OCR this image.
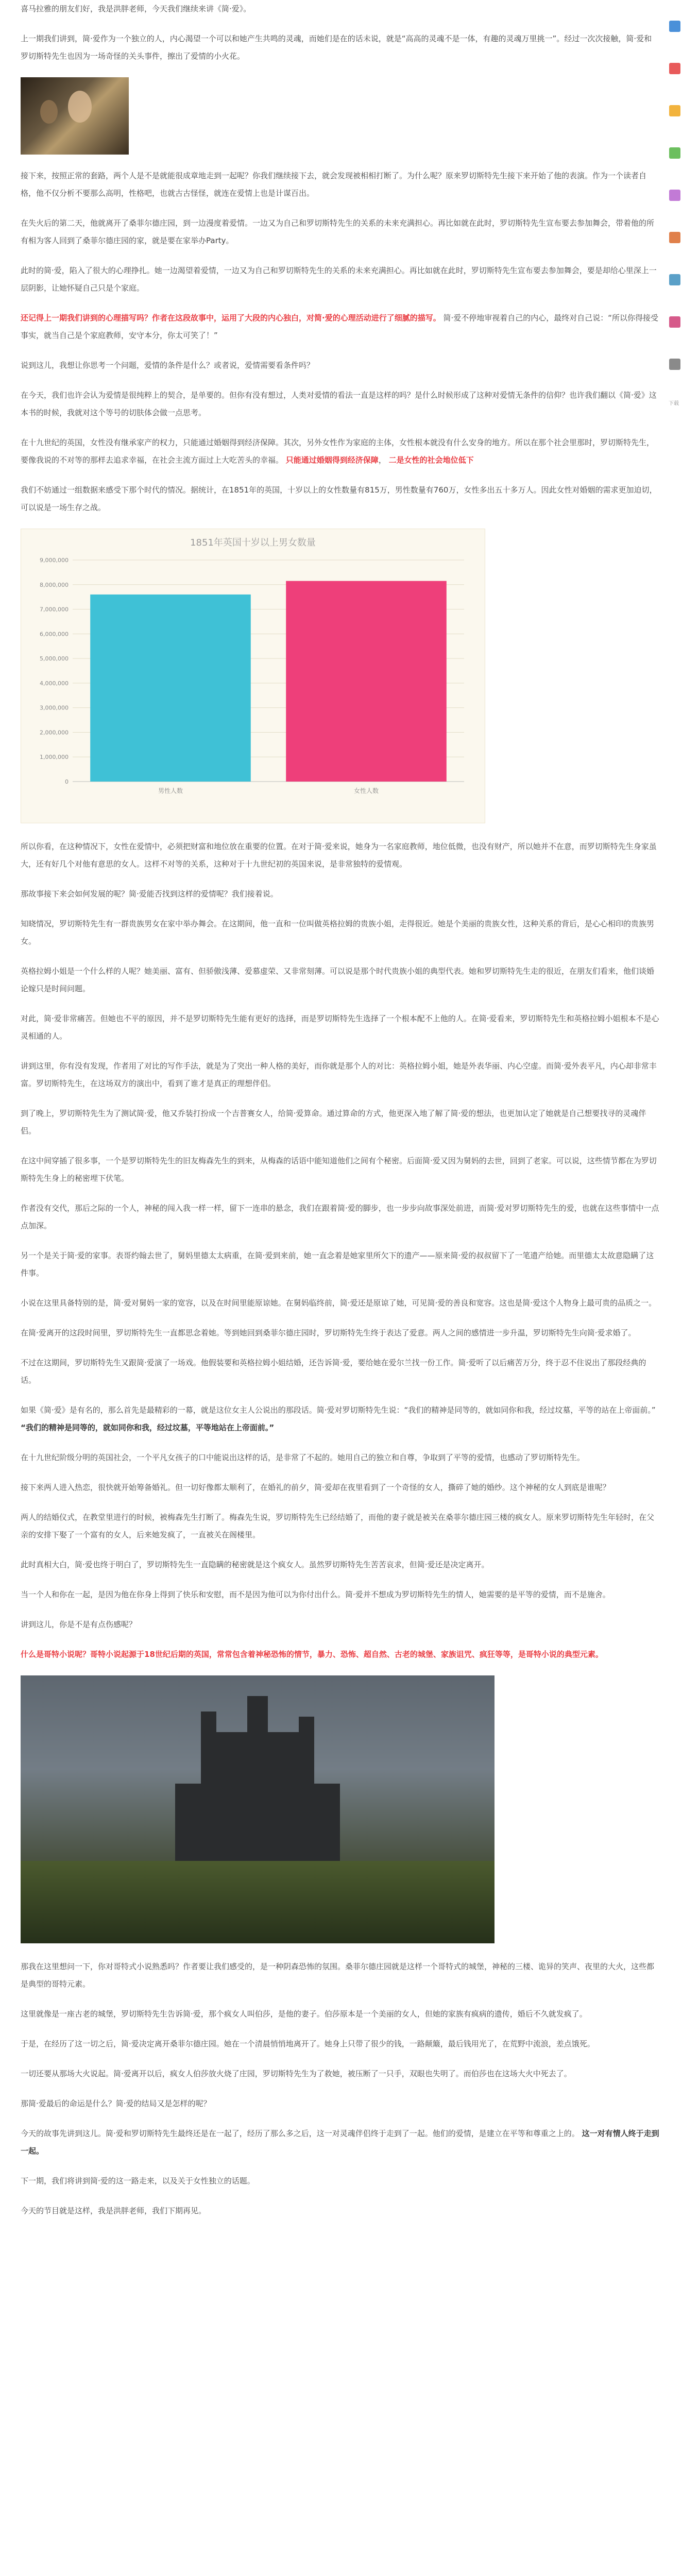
喜马拉雅的朋友们好，我是洪胖老师，今天我们继续来讲《简·爱》。

上一期我们讲到，简·爱作为一个独立的人，内心渴望一个可以和她产生共鸣的灵魂，而她们是在的话未说，就是“高高的灵魂不是一体，有趣的灵魂万里挑一”。经过一次次接触，简·爱和罗切斯特先生也因为一场奇怪的关头事件，擦出了爱情的小火花。

接下来，按照正常的套路，两个人是不是就能很成章地走到一起呢？你我们继续接下去，就会发现被相相打断了。为什么呢？原来罗切斯特先生接下来开始了他的表演。作为一个读者自格，他不仅分析不要那么高明，性格吧，也就古古怪怪，就连在爱情上也是计谋百出。

在失火后的第二天，他就离开了桑菲尔德庄园，到一边漫度着爱情。一边又为自己和罗切斯特先生的关系的未来充满担心。再比如就在此时，罗切斯特先生宣布要去参加舞会，带着他的所有相为客人回到了桑菲尔德庄园的家，就是要在家举办Party。

此时的简·爱，陷入了很大的心理挣扎。她一边渴望着爱情，一边又为自己和罗切斯特先生的关系的未来充满担心。再比如就在此时，罗切斯特先生宣布要去参加舞会，要是却给心里深上一层阴影，让她怀疑自己只是个家庭。

还记得上一期我们讲到的心理描写吗？作者在这段故事中，运用了大段的内心独白，对简·爱的心理活动进行了细腻的描写。 简·爱不停地审视着自己的内心，最终对自己说：“所以你得接受事实，就当自己是个家庭教师，安守本分，你太可笑了！”

说到这儿，我想让你思考一个问题，爱情的条件是什么？或者说，爱情需要看条件吗？

在今天，我们也许会认为爱情是很纯粹上的契合，是单要的。但你有没有想过，人类对爱情的看法一直是这样的吗？是什么时候形成了这种对爱情无条件的信仰？也许我们翻以《简·爱》这本书的时候，我就对这个等号的切肤体会做一点思考。

在十九世纪的英国，女性没有继承家产的权力，只能通过婚姻得到经济保障。其次，另外女性作为家庭的主体，女性根本就没有什么安身的地方。所以在那个社会里那时，罗切斯特先生，要像我说的不对等的那样去追求幸福，在社会主流方面过上大吃苦头的幸福。 只能通过婚姻得到经济保障， 二是女性的社会地位低下

我们不妨通过一组数据来感受下那个时代的情况。据统计，在1851年的英国，十岁以上的女性数量有815万，男性数量有760万，女性多出五十多万人。因此女性对婚姻的需求更加迫切，可以说是一场生存之战。

1851年英国十岁以上男女数量
0
1,000,000
2,000,000
3,000,000
4,000,000
5,000,000
6,000,000
7,000,000
8,000,000
9,000,000
男性人数	女性人数

所以你看，在这种情况下，女性在爱情中，必须把财富和地位放在重要的位置。在对于简·爱来说，她身为一名家庭教师，地位低微，也没有财产，所以她并不在意，而罗切斯特先生身家虽大，还有好几个对他有意思的女人。这样不对等的关系，这种对于十九世纪初的英国来说，是非常独特的爱情观。

那故事接下来会如何发展的呢？简·爱能否找到这样的爱情呢？我们接着说。

知晓情况，罗切斯特先生有一群贵族男女在家中举办舞会。在这期间，他一直和一位叫做英格拉姆的贵族小姐，走得很近。她是个美丽的贵族女性，这种关系的背后，是心心相印的贵族男女。

英格拉姆小姐是一个什么样的人呢？她美丽、富有、但骄傲浅薄、爱慕虚荣、又非常刻薄。可以说是那个时代贵族小姐的典型代表。她和罗切斯特先生走的很近，在朋友们看来，他们谈婚论嫁只是时间问题。

对此，简·爱非常痛苦。但她也不平的原因，并不是罗切斯特先生能有更好的选择，而是罗切斯特先生选择了一个根本配不上他的人。在简·爱看来，罗切斯特先生和英格拉姆小姐根本不是心灵相通的人。

讲到这里，你有没有发现，作者用了对比的写作手法，就是为了突出一种人格的美好，而你就是那个人的对比：英格拉姆小姐，她是外表华丽、内心空虚。而简·爱外表平凡，内心却非常丰富。罗切斯特先生，在这场双方的演出中，看到了谁才是真正的理想伴侣。

到了晚上，罗切斯特先生为了测试简·爱，他又乔装打扮成一个吉普赛女人，给简·爱算命。通过算命的方式，他更深入地了解了简·爱的想法，也更加认定了她就是自己想要找寻的灵魂伴侣。

在这中间穿插了很多事，一个是罗切斯特先生的旧友梅森先生的到来，从梅森的话语中能知道他们之间有个秘密。后面简·爱又因为舅妈的去世，回到了老家。可以说，这些情节都在为罗切斯特先生身上的秘密埋下伏笔。

作者没有交代，那后之际的一个人，神秘的闯入我一样一样，留下一连串的悬念，我们在跟着简·爱的脚步，也一步步向故事深处前进，而简·爱对罗切斯特先生的爱，也就在这些事情中一点点加深。

另一个是关于简·爱的家事。表哥约翰去世了，舅妈里德太太病重，在简·爱到来前，她一直念着是她家里所欠下的遗产——原来简·爱的叔叔留下了一笔遗产给她。而里德太太故意隐瞒了这件事。

小说在这里具备特别的是，简·爱对舅妈一家的宽容，以及在时间里能原谅她。在舅妈临终前，简·爱还是原谅了她，可见简·爱的善良和宽容。这也是简·爱这个人物身上最可贵的品质之一。

在简·爱离开的这段时间里，罗切斯特先生一直都思念着她。等到她回到桑菲尔德庄园时，罗切斯特先生终于表达了爱意。两人之间的感情进一步升温，罗切斯特先生向简·爱求婚了。

不过在这期间，罗切斯特先生又跟简·爱演了一场戏。他假装要和英格拉姆小姐结婚，还告诉简·爱，要给她在爱尔兰找一份工作。简·爱听了以后痛苦万分，终于忍不住说出了那段经典的话。

如果《简·爱》是有名的，那么首先是最精彩的一幕，就是这位女主人公说出的那段话。简·爱对罗切斯特先生说：“我们的精神是同等的，就如同你和我，经过坟墓，平等的站在上帝面前。” “我们的精神是同等的，就如同你和我，经过坟墓，平等地站在上帝面前。”

在十九世纪阶级分明的英国社会，一个平凡女孩子的口中能说出这样的话，是非常了不起的。她用自己的独立和自尊，争取到了平等的爱情，也感动了罗切斯特先生。

接下来两人进入热恋，很快就开始筹备婚礼。但一切好像都太顺利了，在婚礼的前夕，简·爱却在夜里看到了一个奇怪的女人，撕碎了她的婚纱。这个神秘的女人到底是谁呢？

两人的结婚仪式，在教堂里进行的时候，被梅森先生打断了。梅森先生说，罗切斯特先生已经结婚了，而他的妻子就是被关在桑菲尔德庄园三楼的疯女人。原来罗切斯特先生年轻时，在父亲的安排下娶了一个富有的女人，后来她发疯了，一直被关在阁楼里。

此时真相大白，简·爱也终于明白了，罗切斯特先生一直隐瞒的秘密就是这个疯女人。虽然罗切斯特先生苦苦哀求，但简·爱还是决定离开。

当一个人和你在一起，是因为他在你身上得到了快乐和安慰，而不是因为他可以为你付出什么。简·爱并不想成为罗切斯特先生的情人，她需要的是平等的爱情，而不是施舍。

讲到这儿，你是不是有点伤感呢？

什么是哥特小说呢？哥特小说起源于18世纪后期的英国，常常包含着神秘恐怖的情节，暴力、恐怖、超自然、古老的城堡、家族诅咒、疯狂等等，是哥特小说的典型元素。

那我在这里想问一下，你对哥特式小说熟悉吗？作者要让我们感受的，是一种阴森恐怖的氛围。桑菲尔德庄园就是这样一个哥特式的城堡，神秘的三楼、诡异的笑声、夜里的大火，这些都是典型的哥特元素。

这里就像是一座古老的城堡，罗切斯特先生告诉简·爱，那个疯女人叫伯莎，是他的妻子。伯莎原本是一个美丽的女人，但她的家族有疯病的遗传，婚后不久就发疯了。

于是，在经历了这一切之后，简·爱决定离开桑菲尔德庄园。她在一个清晨悄悄地离开了。她身上只带了很少的钱，一路颠簸，最后钱用光了，在荒野中流浪，差点饿死。

一切还要从那场大火说起。简·爱离开以后，疯女人伯莎放火烧了庄园，罗切斯特先生为了救她，被压断了一只手，双眼也失明了。而伯莎也在这场大火中死去了。

那简·爱最后的命运是什么？简·爱的结局又是怎样的呢？

今天的故事先讲到这儿。简·爱和罗切斯特先生最终还是在一起了，经历了那么多之后，这一对灵魂伴侣终于走到了一起。他们的爱情，是建立在平等和尊重之上的。 这一对有情人终于走到一起。

下一期，我们将讲到简·爱的这一路走来，以及关于女性独立的话题。

今天的节目就是这样，我是洪胖老师，我们下期再见。

下载
